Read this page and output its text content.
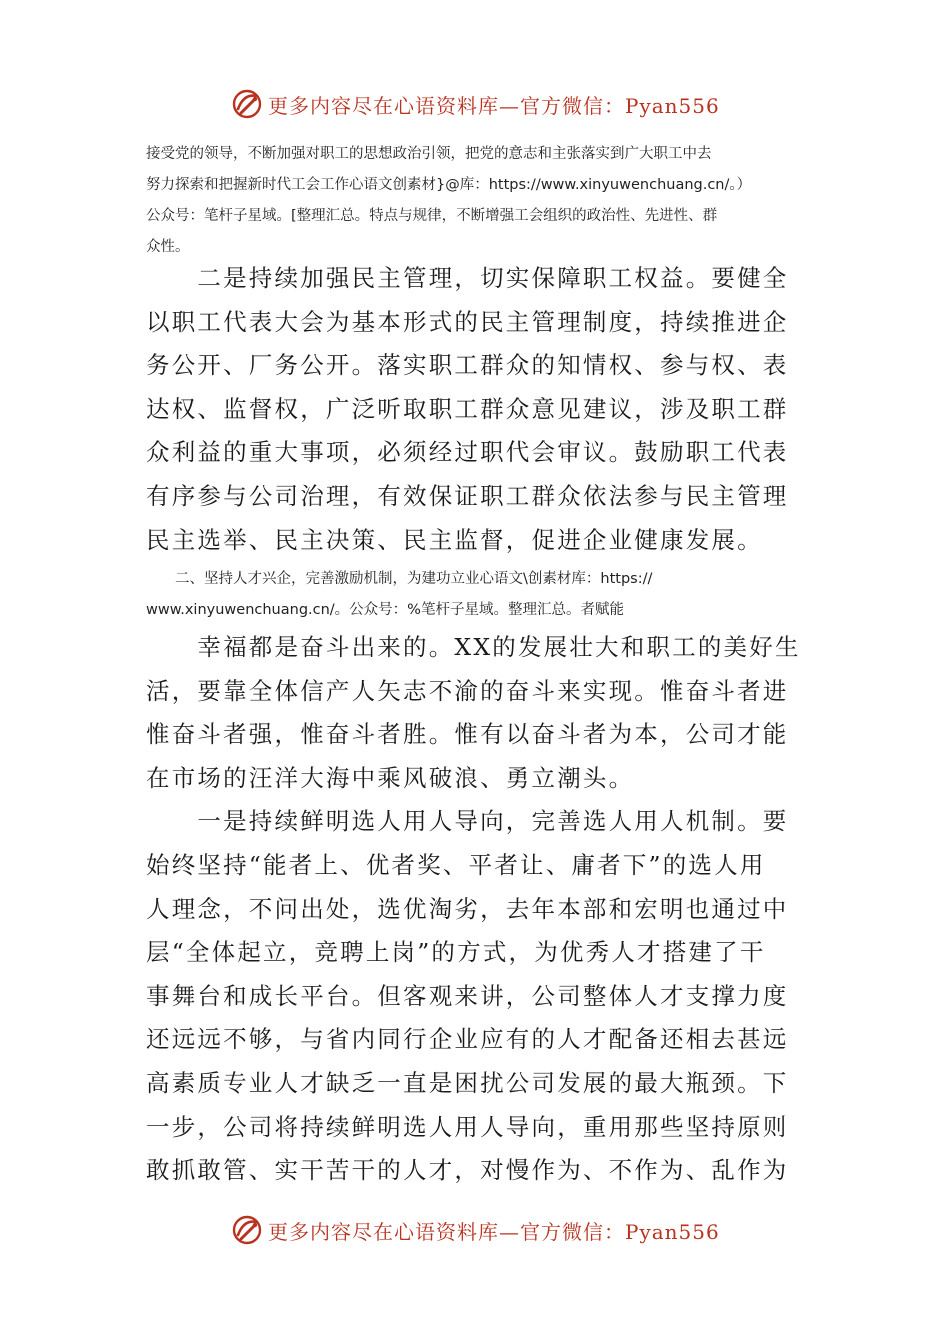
更多内容尽在心语资料库—官方微信：Pyan556

接受党的领导，不断加强对职工的思想政治引领，把党的意志和主张落实到广大职工中去

努力探索和把握新时代工会工作心语文创素材}@库：https://www.xinyuwenchuang.cn/。）

公众号：笔杆子星域。[整理汇总。特点与规律，不断增强工会组织的政治性、先进性、群

众性。

　　二是持续加强民主管理，切实保障职工权益。要健全

以职工代表大会为基本形式的民主管理制度，持续推进企

务公开、厂务公开。落实职工群众的知情权、参与权、表

达权、监督权，广泛听取职工群众意见建议，涉及职工群

众利益的重大事项，必须经过职代会审议。鼓励职工代表

有序参与公司治理，有效保证职工群众依法参与民主管理

民主选举、民主决策、民主监督，促进企业健康发展。

　　二、坚持人才兴企，完善激励机制，为建功立业心语文\创素材库：https://

www.xinyuwenchuang.cn/。公众号：%笔杆子星域。整理汇总。者赋能

　　幸福都是奋斗出来的。XX的发展壮大和职工的美好生

活，要靠全体信产人矢志不渝的奋斗来实现。惟奋斗者进

惟奋斗者强，惟奋斗者胜。惟有以奋斗者为本，公司才能

在市场的汪洋大海中乘风破浪、勇立潮头。

　　一是持续鲜明选人用人导向，完善选人用人机制。要

始终坚持“能者上、优者奖、平者让、庸者下”的选人用

人理念，不问出处，选优淘劣，去年本部和宏明也通过中

层“全体起立，竞聘上岗”的方式，为优秀人才搭建了干

事舞台和成长平台。但客观来讲，公司整体人才支撑力度

还远远不够，与省内同行企业应有的人才配备还相去甚远

高素质专业人才缺乏一直是困扰公司发展的最大瓶颈。下

一步，公司将持续鲜明选人用人导向，重用那些坚持原则

敢抓敢管、实干苦干的人才，对慢作为、不作为、乱作为

更多内容尽在心语资料库—官方微信：Pyan556
